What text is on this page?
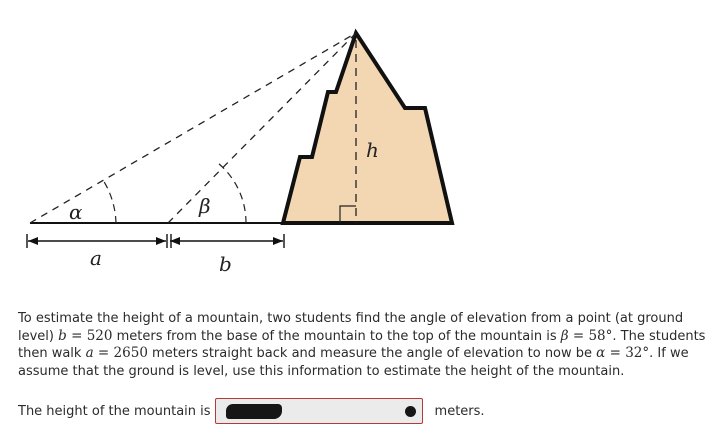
α	β
a	b
h

To estimate the height of a mountain, two students find the angle of elevation from a point (at ground level) b = 520 meters from the base of the mountain to the top of the mountain is β = 58°. The students then walk a = 2650 meters straight back and measure the angle of elevation to now be α = 32°. If we assume that the ground is level, use this information to estimate the height of the mountain.

The height of the mountain is	meters.
